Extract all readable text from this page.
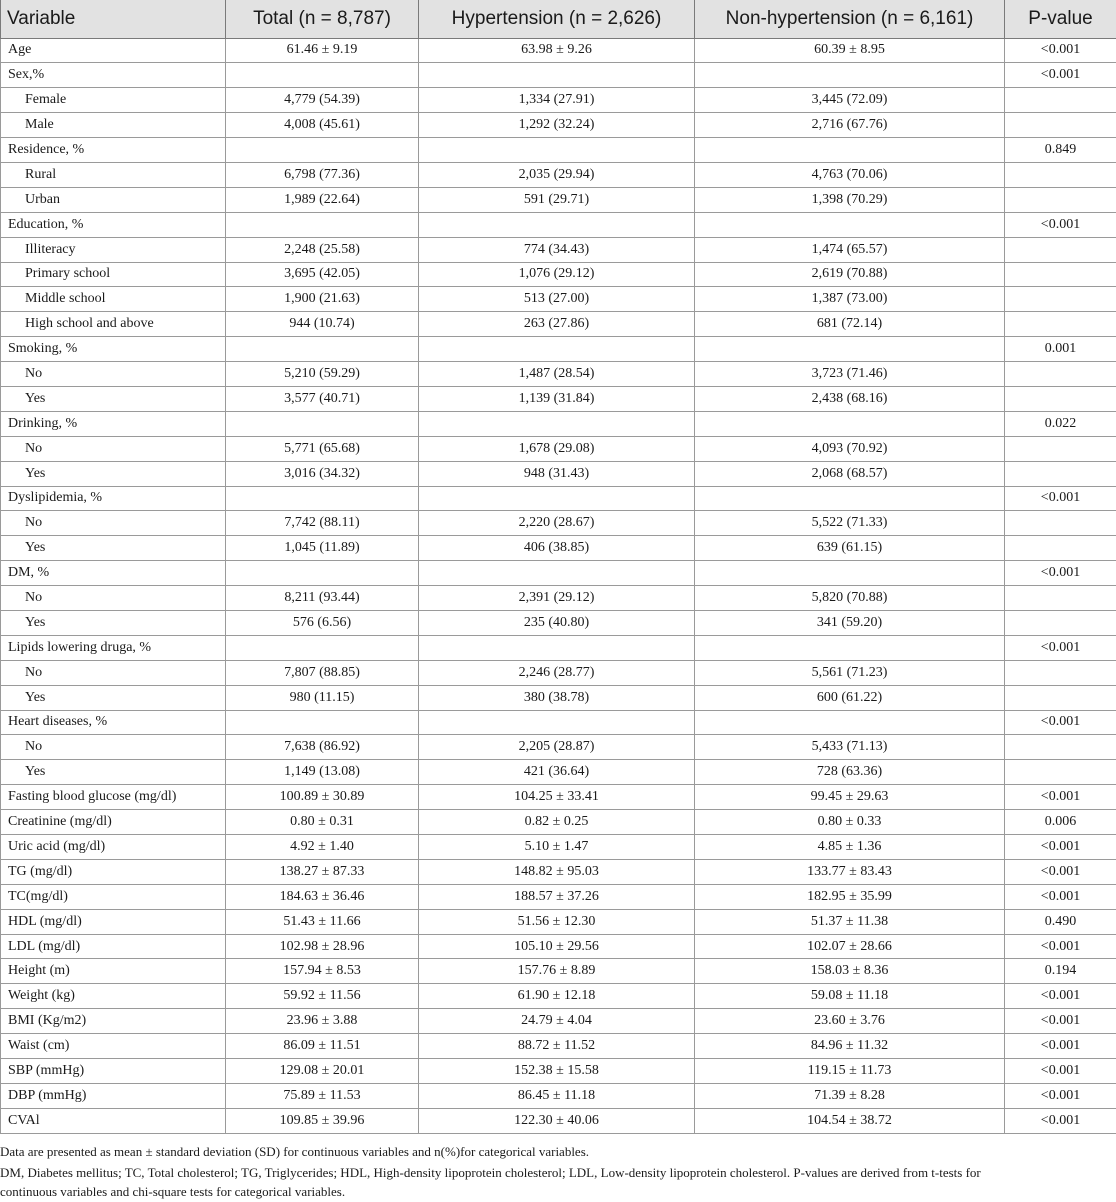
Variable	Total (n = 8,787)	Hypertension (n = 2,626)	Non-hypertension (n = 6,161)	P-value
Age	61.46 ± 9.19	63.98 ± 9.26	60.39 ± 8.95	<0.001
Sex,%				<0.001
Female	4,779 (54.39)	1,334 (27.91)	3,445 (72.09)	
Male	4,008 (45.61)	1,292 (32.24)	2,716 (67.76)	
Residence, %				0.849
Rural	6,798 (77.36)	2,035 (29.94)	4,763 (70.06)	
Urban	1,989 (22.64)	591 (29.71)	1,398 (70.29)	
Education, %				<0.001
Illiteracy	2,248 (25.58)	774 (34.43)	1,474 (65.57)	
Primary school	3,695 (42.05)	1,076 (29.12)	2,619 (70.88)	
Middle school	1,900 (21.63)	513 (27.00)	1,387 (73.00)	
High school and above	944 (10.74)	263 (27.86)	681 (72.14)	
Smoking, %				0.001
No	5,210 (59.29)	1,487 (28.54)	3,723 (71.46)	
Yes	3,577 (40.71)	1,139 (31.84)	2,438 (68.16)	
Drinking, %				0.022
No	5,771 (65.68)	1,678 (29.08)	4,093 (70.92)	
Yes	3,016 (34.32)	948 (31.43)	2,068 (68.57)	
Dyslipidemia, %				<0.001
No	7,742 (88.11)	2,220 (28.67)	5,522 (71.33)	
Yes	1,045 (11.89)	406 (38.85)	639 (61.15)	
DM, %				<0.001
No	8,211 (93.44)	2,391 (29.12)	5,820 (70.88)	
Yes	576 (6.56)	235 (40.80)	341 (59.20)	
Lipids lowering druga, %				<0.001
No	7,807 (88.85)	2,246 (28.77)	5,561 (71.23)	
Yes	980 (11.15)	380 (38.78)	600 (61.22)	
Heart diseases, %				<0.001
No	7,638 (86.92)	2,205 (28.87)	5,433 (71.13)	
Yes	1,149 (13.08)	421 (36.64)	728 (63.36)	
Fasting blood glucose (mg/dl)	100.89 ± 30.89	104.25 ± 33.41	99.45 ± 29.63	<0.001
Creatinine (mg/dl)	0.80 ± 0.31	0.82 ± 0.25	0.80 ± 0.33	0.006
Uric acid (mg/dl)	4.92 ± 1.40	5.10 ± 1.47	4.85 ± 1.36	<0.001
TG (mg/dl)	138.27 ± 87.33	148.82 ± 95.03	133.77 ± 83.43	<0.001
TC(mg/dl)	184.63 ± 36.46	188.57 ± 37.26	182.95 ± 35.99	<0.001
HDL (mg/dl)	51.43 ± 11.66	51.56 ± 12.30	51.37 ± 11.38	0.490
LDL (mg/dl)	102.98 ± 28.96	105.10 ± 29.56	102.07 ± 28.66	<0.001
Height (m)	157.94 ± 8.53	157.76 ± 8.89	158.03 ± 8.36	0.194
Weight (kg)	59.92 ± 11.56	61.90 ± 12.18	59.08 ± 11.18	<0.001
BMI (Kg/m2)	23.96 ± 3.88	24.79 ± 4.04	23.60 ± 3.76	<0.001
Waist (cm)	86.09 ± 11.51	88.72 ± 11.52	84.96 ± 11.32	<0.001
SBP (mmHg)	129.08 ± 20.01	152.38 ± 15.58	119.15 ± 11.73	<0.001
DBP (mmHg)	75.89 ± 11.53	86.45 ± 11.18	71.39 ± 8.28	<0.001
CVAl	109.85 ± 39.96	122.30 ± 40.06	104.54 ± 38.72	<0.001
Data are presented as mean ± standard deviation (SD) for continuous variables and n(%)for categorical variables.
DM, Diabetes mellitus; TC, Total cholesterol; TG, Triglycerides; HDL, High-density lipoprotein cholesterol; LDL, Low-density lipoprotein cholesterol. P-values are derived from t-tests for
continuous variables and chi-square tests for categorical variables.
